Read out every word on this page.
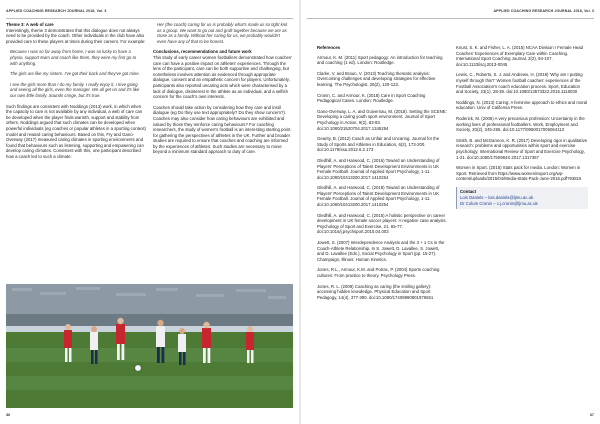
APPLIED COACHING RESEARCH JOURNAL 2018, Vol. 3

Theme 3: A web of care

Interestingly, theme 3 demonstrates that this dialogue does not always need to be provided by the coach. Other individuals in the club have also provided care to these players at times during their careers. For example:

Because I was so far away from home, I was so lucky to have a physio, support team and coach like them, they were my first go to with anything.

The girls are like my sisters. I've got their back and they've got mine.

I see the girls more than I do my family. I really enjoy it, I love going and seeing all the girls, even the manager. We all get on and it's like our own little family. Sounds cringe, but it's true.

Such findings are consistent with Noddings (2013) work, in which when the capacity to care is not available by any individual, a web of care can be developed when the player finds warmth, support and stability from others. Noddings argued that such climates can be developed when powerful individuals (eg coaches or popular athletes in a sporting context) model and reward caring behaviours. Based on this, Fry and Gano-Overway (2017) measured caring climates in sporting environments and found that behaviours such as listening, supporting and empowering can develop caring climates. Consistent with this, one participant described how a coach led to such a climate:

Her (the coach) caring for us is probably what's made us so tight knit as a group. We want to go out and graft together because we are as close as a family. Without her caring for us, we probably wouldn't even have any of that to be honest.

Conclusions, recommendations and future work

This study of early career women footballers demonstrated how coaches' care can have a positive impact on athletes' experiences. Through the lens of the participant, care can be both supportive and challenging, but nonetheless involves attention as evidenced through appropriate dialogue, consent and an empathetic concern for players. Unfortunately, participants also reported uncaring acts which were characterised by a lack of dialogue, disinterest in the athlete as an individual, and a selfish concern for the coach's own interests.

Coaches should take action by considering how they care and instil dialogue (eg Do they use text appropriately? Do they show concern?). Coaches may also consider how caring behaviours are exhibited and valued by those they reinforce caring behaviours? For coaching researchers, the study of women's football is an interesting starting point for gathering the perspectives of athletes in the UK. Further and broader studies are required to ensure that coaches and coaching are informed by the experiences of athletes. Such studies are necessary to move beyond a minimum standard approach to duty of care.

36
APPLIED COACHING RESEARCH JOURNAL 2018, Vol. 3

References

Armour, K. M. (2011) Sport pedagogy: An introduction for teaching and coaching (1 ed). London: Routledge.

Clarke, V. and Braun, V. (2013) Teaching thematic analysis: Overcoming challenges and developing strategies for effective learning. The Psychologist, 26(2), 120-123.

Cronin, C. and Armour, K. (2018) Care in Sport Coaching Pedagogical Cases. London: Routledge.

Gano-Overway, L. A. and Guivernau, M. (2018). Setting the SCENE: Developing a caring youth sport environment. Journal of Sport Psychology in Action, 9(2), 83-93. doi:10.1080/21520704.2017.1345294

Gearity, B. (2012) Coach as Unfair and Uncaring. Journal for the Study of Sports and Athletes in Education, 6(2), 173-200. doi:10.1179/ssa.2012.6.2.173

Gledhill, A. and Harwood, C. (2016) Toward an Understanding of Players' Perceptions of Talent Development Environments in UK Female Football. Journal of Applied Sport Psychology, 1-11. doi:10.1080/10413200.2017.1410254

Gledhill, A. and Harwood, C. (2018) Toward an Understanding of Players' Perceptions of Talent Development Environments in UK Female Football. Journal of Applied Sport Psychology, 1-11. doi:10.1080/10413200.2017.1410254

Gledhill, A. and Harwood, C. (2015) A holistic perspective on career development in UK female soccer players: A negative case analysis. Psychology of Sport and Exercise, 21, 65-77. doi:10.1016/j.psychsport.2015.04.003

Jowett, S. (2007) Interdependence Analysis and the 3 + 1 Cs in the Coach-Athlete Relationship. In S. Jowett, D. Lavallee, S. Jowett, and D. Lavallee (Eds.), Social Psychology in Sport (pp. 15-27). Champaign, Illinois: Human Kinetics.

Jones, R.L., Armour, K.M. and Potrac, P. (2004) Sports coaching cultures: From practice to theory. Psychology Press.

Jones, R. L. (2009) Coaching as caring (the smiling gallery): accessing hidden knowledge. Physical Education and Sport Pedagogy, 14(4), 377-390. doi:10.1080/17408980801976551

Knust, S. K. and Fisher, L. A. (2015) NCAA Division I Female Head Coaches' Experiences of Exemplary Care within Coaching. International Sport Coaching Journal, 2(2), 94-107. doi:10.1123/iscj.2013-0045

Lewis, C., Roberts, S. J. and Andrews, H. (2018) 'Why am I putting myself through this?' Women football coaches' experiences of the Football Association's coach education process. Sport, Education and Society, 23(1), 28-39. doi:10.1080/13573322.2015.1118030

Noddings, N. (2013) Caring: A feminine approach to ethics and moral education. Univ of California Press.

Roderick, M. (2006) A very precarious profession: Uncertainty in the working lives of professional footballers. Work, Employment and Society, 20(2), 245-265. doi:10.1177/0950017006064113

Smith, B. and McGannon, K. R. (2017) Developing rigor in qualitative research: problems and opportunities within sport and exercise psychology. International Review of Sport and Exercise Psychology, 1-21. doi:10.1080/1750984X.2017.1317357

Women in Sport. (2015) Stats pack for media. London: Women in Sport. Retrieved from https://www.womeninsport.org/wp-content/uploads/2015/04/Media-Stats-Pack-June-2015.pdf?93815

Contact

Lois Daniels – lois.daniels@ljmu.ac.uk
Dr Colum Cronin – c.j.cronin@ljmu.ac.uk
37
